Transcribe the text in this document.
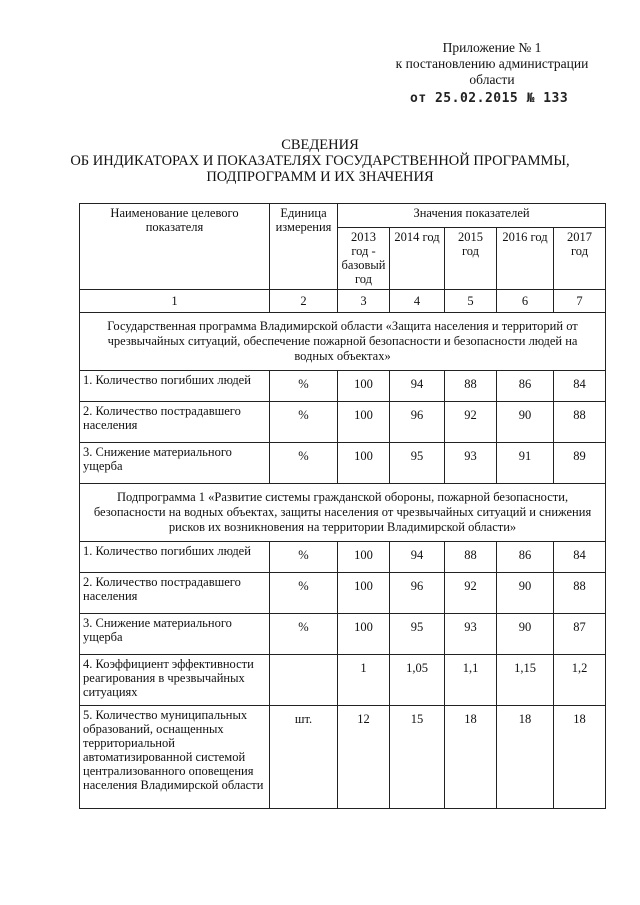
Приложение № 1
к постановлению администрации
области
от 25.02.2015 № 133
СВЕДЕНИЯ
ОБ ИНДИКАТОРАХ И ПОКАЗАТЕЛЯХ ГОСУДАРСТВЕННОЙ ПРОГРАММЫ,
ПОДПРОГРАММ И ИХ ЗНАЧЕНИЯ
Наименование целевого показателя	Единица измерения	Значения показателей				
		2013 год - базовый год	2014 год	2015 год	2016 год	2017 год
1	2	3	4	5	6	7
Государственная программа Владимирской области «Защита населения и территорий от чрезвычайных ситуаций, обеспечение пожарной безопасности и безопасности людей на водных объектах»						
1. Количество погибших людей	%	100	94	88	86	84
2. Количество пострадавшего населения	%	100	96	92	90	88
3. Снижение материального ущерба	%	100	95	93	91	89
Подпрограмма 1 «Развитие системы гражданской обороны, пожарной безопасности, безопасности на водных объектах, защиты населения от чрезвычайных ситуаций и снижения рисков их возникновения на территории Владимирской области»						
1. Количество погибших людей	%	100	94	88	86	84
2. Количество пострадавшего населения	%	100	96	92	90	88
3. Снижение материального ущерба	%	100	95	93	90	87
4. Коэффициент эффективности реагирования в чрезвычайных ситуациях		1	1,05	1,1	1,15	1,2
5. Количество муниципальных образований, оснащенных территориальной автоматизированной системой централизованного оповещения населения Владимирской области	шт.	12	15	18	18	18
